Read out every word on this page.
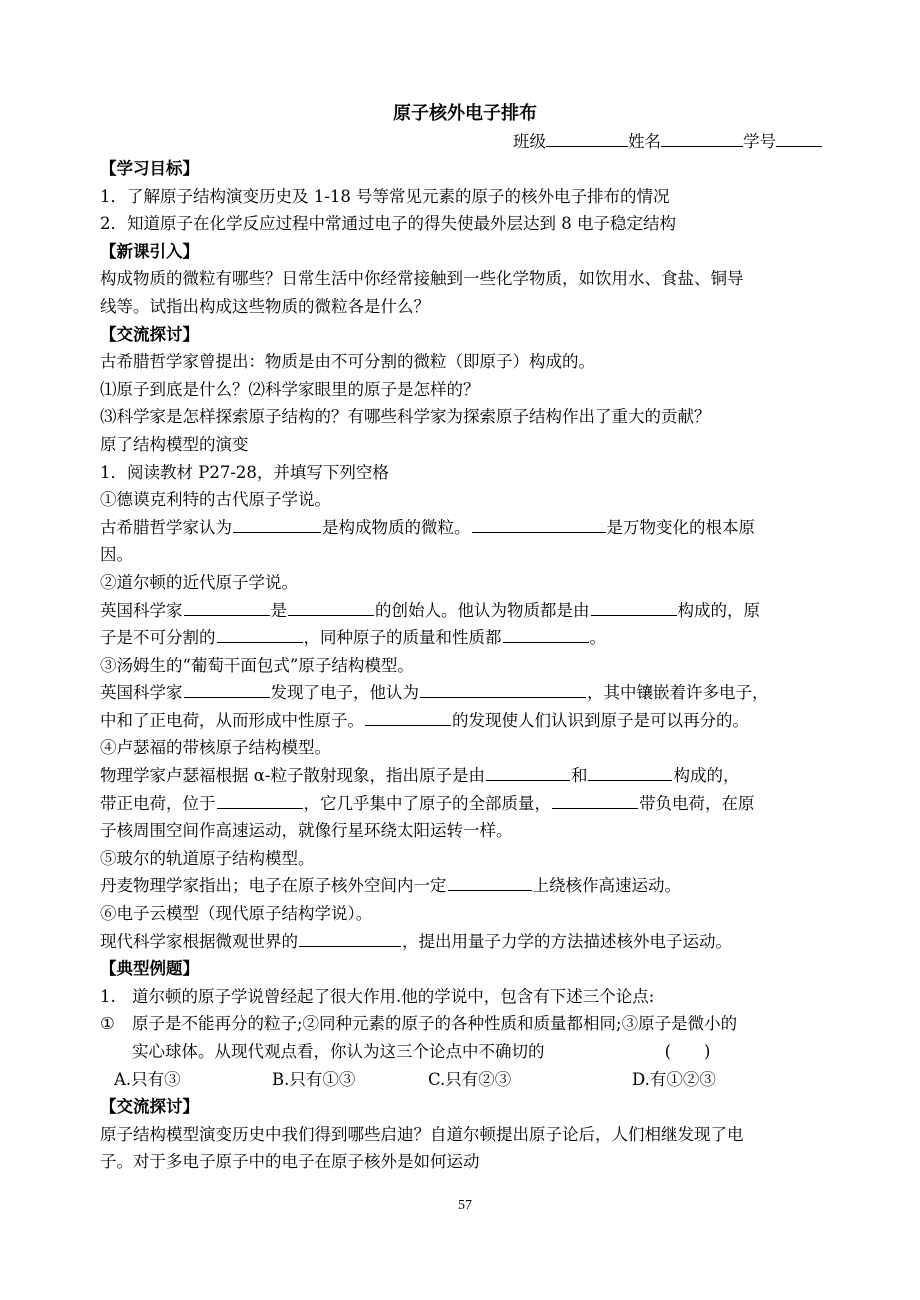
原子核外电子排布
班级	姓名	学号
【学习目标】
1．了解原子结构演变历史及 1-18 号等常见元素的原子的核外电子排布的情况
2．知道原子在化学反应过程中常通过电子的得失使最外层达到 8 电子稳定结构
【新课引入】
构成物质的微粒有哪些？日常生活中你经常接触到一些化学物质，如饮用水、食盐、铜导
线等。试指出构成这些物质的微粒各是什么？
【交流探讨】
古希腊哲学家曾提出：物质是由不可分割的微粒（即原子）构成的。
⑴原子到底是什么？⑵科学家眼里的原子是怎样的？
⑶科学家是怎样探索原子结构的？有哪些科学家为探索原子结构作出了重大的贡献？
原了结构模型的演变
1．阅读教材 P27-28，并填写下列空格
①德谟克利特的古代原子学说。
古希腊哲学家认为	是构成物质的微粒。	是万物变化的根本原
因。
②道尔顿的近代原子学说。
英国科学家	是	的创始人。他认为物质都是由	构成的，原
子是不可分割的	，同种原子的质量和性质都	。
③汤姆生的“葡萄干面包式”原子结构模型。
英国科学家	发现了电子，他认为	，其中镶嵌着许多电子，
中和了正电荷，从而形成中性原子。	的发现使人们认识到原子是可以再分的。
④卢瑟福的带核原子结构模型。
物理学家卢瑟福根据 α-粒子散射现象，指出原子是由	和	构成的，
带正电荷，位于	，它几乎集中了原子的全部质量，	带负电荷，在原
子核周围空间作高速运动，就像行星环绕太阳运转一样。
⑤玻尔的轨道原子结构模型。
丹麦物理学家指出；电子在原子核外空间内一定	上绕核作高速运动。
⑥电子云模型（现代原子结构学说）。
现代科学家根据微观世界的	，提出用量子力学的方法描述核外电子运动。
【典型例题】
1. 道尔顿的原子学说曾经起了很大作用.他的学说中，包含有下述三个论点:
① 原子是不能再分的粒子;②同种元素的原子的各种性质和质量都相同;③原子是微小的
实心球体。从现代观点看，你认为这三个论点中不确切的	(　　)
A.只有③	B.只有①③	C.只有②③	D.有①②③
【交流探讨】
原子结构模型演变历史中我们得到哪些启迪？自道尔顿提出原子论后，人们相继发现了电
子。对于多电子原子中的电子在原子核外是如何运动
57
